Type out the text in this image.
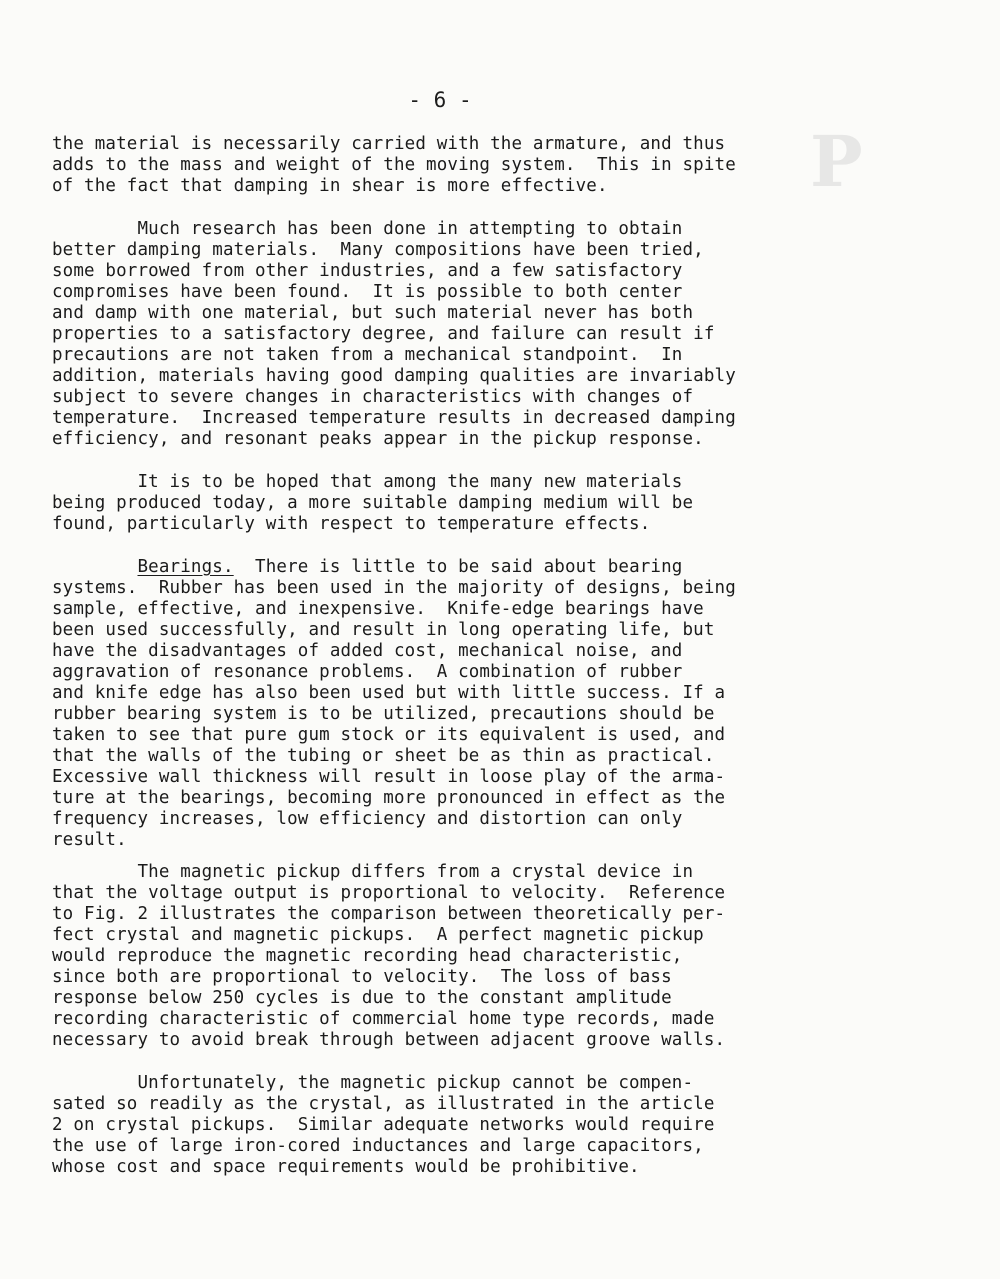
P​
- 6 -
the material is necessarily carried with the armature, and thus
adds to the mass and weight of the moving system.  This in spite
of the fact that damping in shear is more effective.
Much research has been done in attempting to obtain
better damping materials.  Many compositions have been tried,
some borrowed from other industries, and a few satisfactory
compromises have been found.  It is possible to both center
and damp with one material, but such material never has both
properties to a satisfactory degree, and failure can result if
precautions are not taken from a mechanical standpoint.  In
addition, materials having good damping qualities are invariably
subject to severe changes in characteristics with changes of
temperature.  Increased temperature results in decreased damping
efficiency, and resonant peaks appear in the pickup response.
It is to be hoped that among the many new materials
being produced today, a more suitable damping medium will be
found, particularly with respect to temperature effects.
Bearings.  There is little to be said about bearing
systems.  Rubber has been used in the majority of designs, being
sample, effective, and inexpensive.  Knife-edge bearings have
been used successfully, and result in long operating life, but
have the disadvantages of added cost, mechanical noise, and
aggravation of resonance problems.  A combination of rubber
and knife edge has also been used but with little success. If a
rubber bearing system is to be utilized, precautions should be
taken to see that pure gum stock or its equivalent is used, and
that the walls of the tubing or sheet be as thin as practical.
Excessive wall thickness will result in loose play of the arma-
ture at the bearings, becoming more pronounced in effect as the
frequency increases, low efficiency and distortion can only
result.
The magnetic pickup differs from a crystal device in
that the voltage output is proportional to velocity.  Reference
to Fig. 2 illustrates the comparison between theoretically per-
fect crystal and magnetic pickups.  A perfect magnetic pickup
would reproduce the magnetic recording head characteristic,
since both are proportional to velocity.  The loss of bass
response below 250 cycles is due to the constant amplitude
recording characteristic of commercial home type records, made
necessary to avoid break through between adjacent groove walls.
Unfortunately, the magnetic pickup cannot be compen-
sated so readily as the crystal, as illustrated in the article
2 on crystal pickups.  Similar adequate networks would require
the use of large iron-cored inductances and large capacitors,
whose cost and space requirements would be prohibitive.
